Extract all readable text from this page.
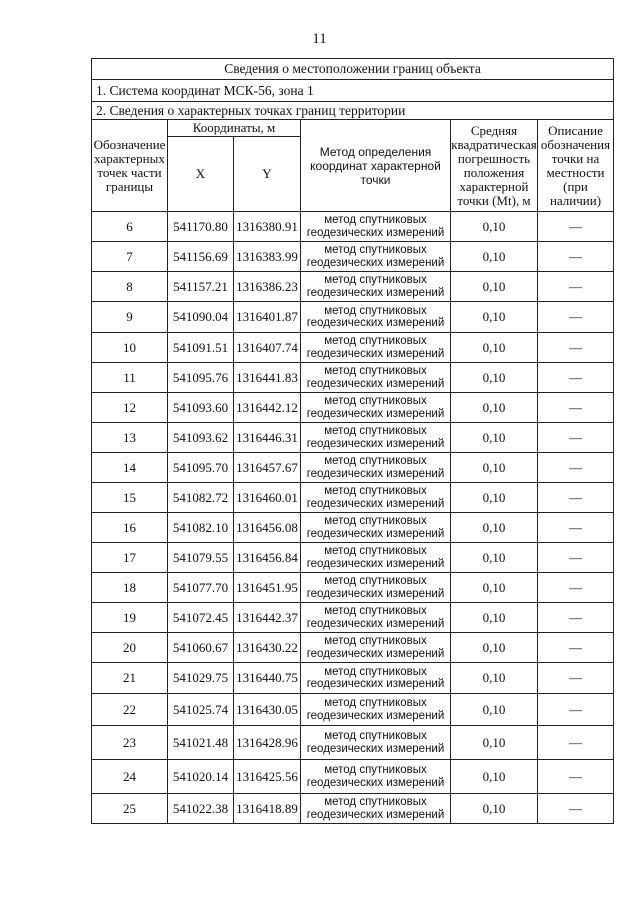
11
Сведения о местоположении границ объекта					
1. Система координат МСК-56, зона 1					
2. Сведения о характерных точках границ территории					
Обозначение характерных точек части границы	Координаты, м		Метод определения координат характерной точки	Средняя квадратическая погрешность положения характерной точки (Mt), м	Описание обозначения точки на местности (при наличии)
	X	Y			
6	541170.80	1316380.91	метод спутниковых геодезических измерений	0,10	—
7	541156.69	1316383.99	метод спутниковых геодезических измерений	0,10	—
8	541157.21	1316386.23	метод спутниковых геодезических измерений	0,10	—
9	541090.04	1316401.87	метод спутниковых геодезических измерений	0,10	—
10	541091.51	1316407.74	метод спутниковых геодезических измерений	0,10	—
11	541095.76	1316441.83	метод спутниковых геодезических измерений	0,10	—
12	541093.60	1316442.12	метод спутниковых геодезических измерений	0,10	—
13	541093.62	1316446.31	метод спутниковых геодезических измерений	0,10	—
14	541095.70	1316457.67	метод спутниковых геодезических измерений	0,10	—
15	541082.72	1316460.01	метод спутниковых геодезических измерений	0,10	—
16	541082.10	1316456.08	метод спутниковых геодезических измерений	0,10	—
17	541079.55	1316456.84	метод спутниковых геодезических измерений	0,10	—
18	541077.70	1316451.95	метод спутниковых геодезических измерений	0,10	—
19	541072.45	1316442.37	метод спутниковых геодезических измерений	0,10	—
20	541060.67	1316430.22	метод спутниковых геодезических измерений	0,10	—
21	541029.75	1316440.75	метод спутниковых геодезических измерений	0,10	—
22	541025.74	1316430.05	метод спутниковых геодезических измерений	0,10	—
23	541021.48	1316428.96	метод спутниковых геодезических измерений	0,10	—
24	541020.14	1316425.56	метод спутниковых геодезических измерений	0,10	—
25	541022.38	1316418.89	метод спутниковых геодезических измерений	0,10	—
